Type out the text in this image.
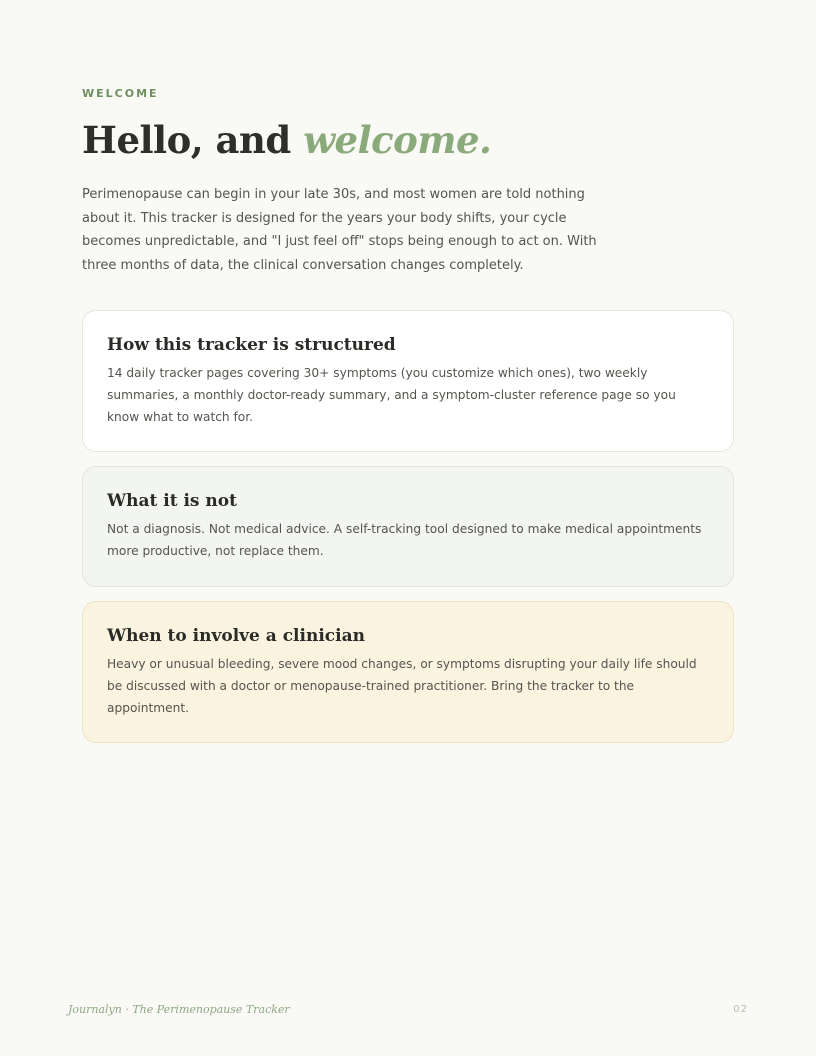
WELCOME
Hello, and welcome.

Perimenopause can begin in your late 30s, and most women are told nothing about it. This tracker is designed for the years your body shifts, your cycle becomes unpredictable, and "I just feel off" stops being enough to act on. With three months of data, the clinical conversation changes completely.

How this tracker is structured

14 daily tracker pages covering 30+ symptoms (you customize which ones), two weekly summaries, a monthly doctor-ready summary, and a symptom-cluster reference page so you know what to watch for.

What it is not

Not a diagnosis. Not medical advice. A self-tracking tool designed to make medical appointments more productive, not replace them.

When to involve a clinician

Heavy or unusual bleeding, severe mood changes, or symptoms disrupting your daily life should be discussed with a doctor or menopause-trained practitioner. Bring the tracker to the appointment.

Journalyn · The Perimenopause Tracker	02
